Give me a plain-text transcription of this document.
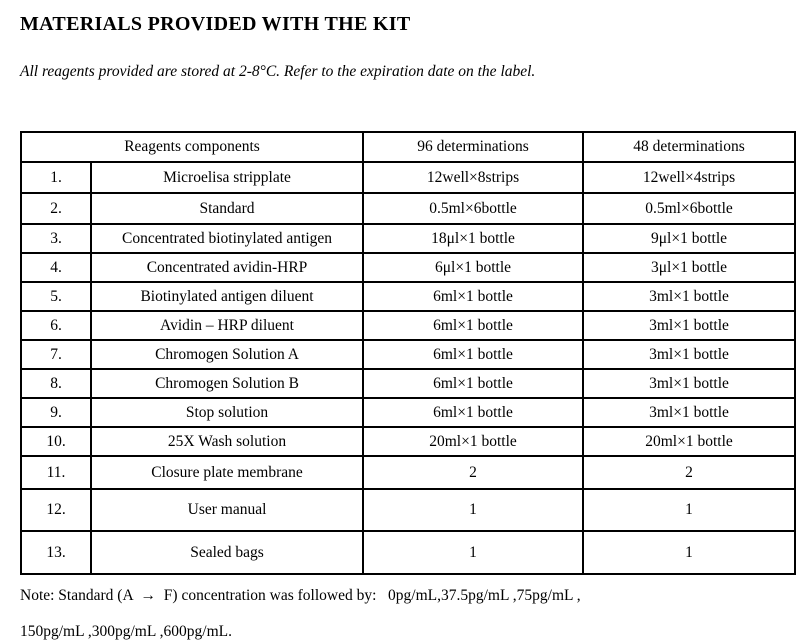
MATERIALS PROVIDED WITH THE KIT

All reagents provided are stored at 2-8°C. Refer to the expiration date on the label.

Reagents components		96 determinations	48 determinations
1.	Microelisa stripplate	12well×8strips	12well×4strips
2.	Standard	0.5ml×6bottle	0.5ml×6bottle
3.	Concentrated biotinylated antigen	18μl×1 bottle	9μl×1 bottle
4.	Concentrated avidin-HRP	6μl×1 bottle	3μl×1 bottle
5.	Biotinylated antigen diluent	6ml×1 bottle	3ml×1 bottle
6.	Avidin – HRP diluent	6ml×1 bottle	3ml×1 bottle
7.	Chromogen Solution A	6ml×1 bottle	3ml×1 bottle
8.	Chromogen Solution B	6ml×1 bottle	3ml×1 bottle
9.	Stop solution	6ml×1 bottle	3ml×1 bottle
10.	25X Wash solution	20ml×1 bottle	20ml×1 bottle
11.	Closure plate membrane	2	2
12.	User manual	1	1
13.	Sealed bags	1	1

Note: Standard (A  →  F) concentration was followed by:   0pg/mL,37.5pg/mL ,75pg/mL ,

150pg/mL ,300pg/mL ,600pg/mL.
